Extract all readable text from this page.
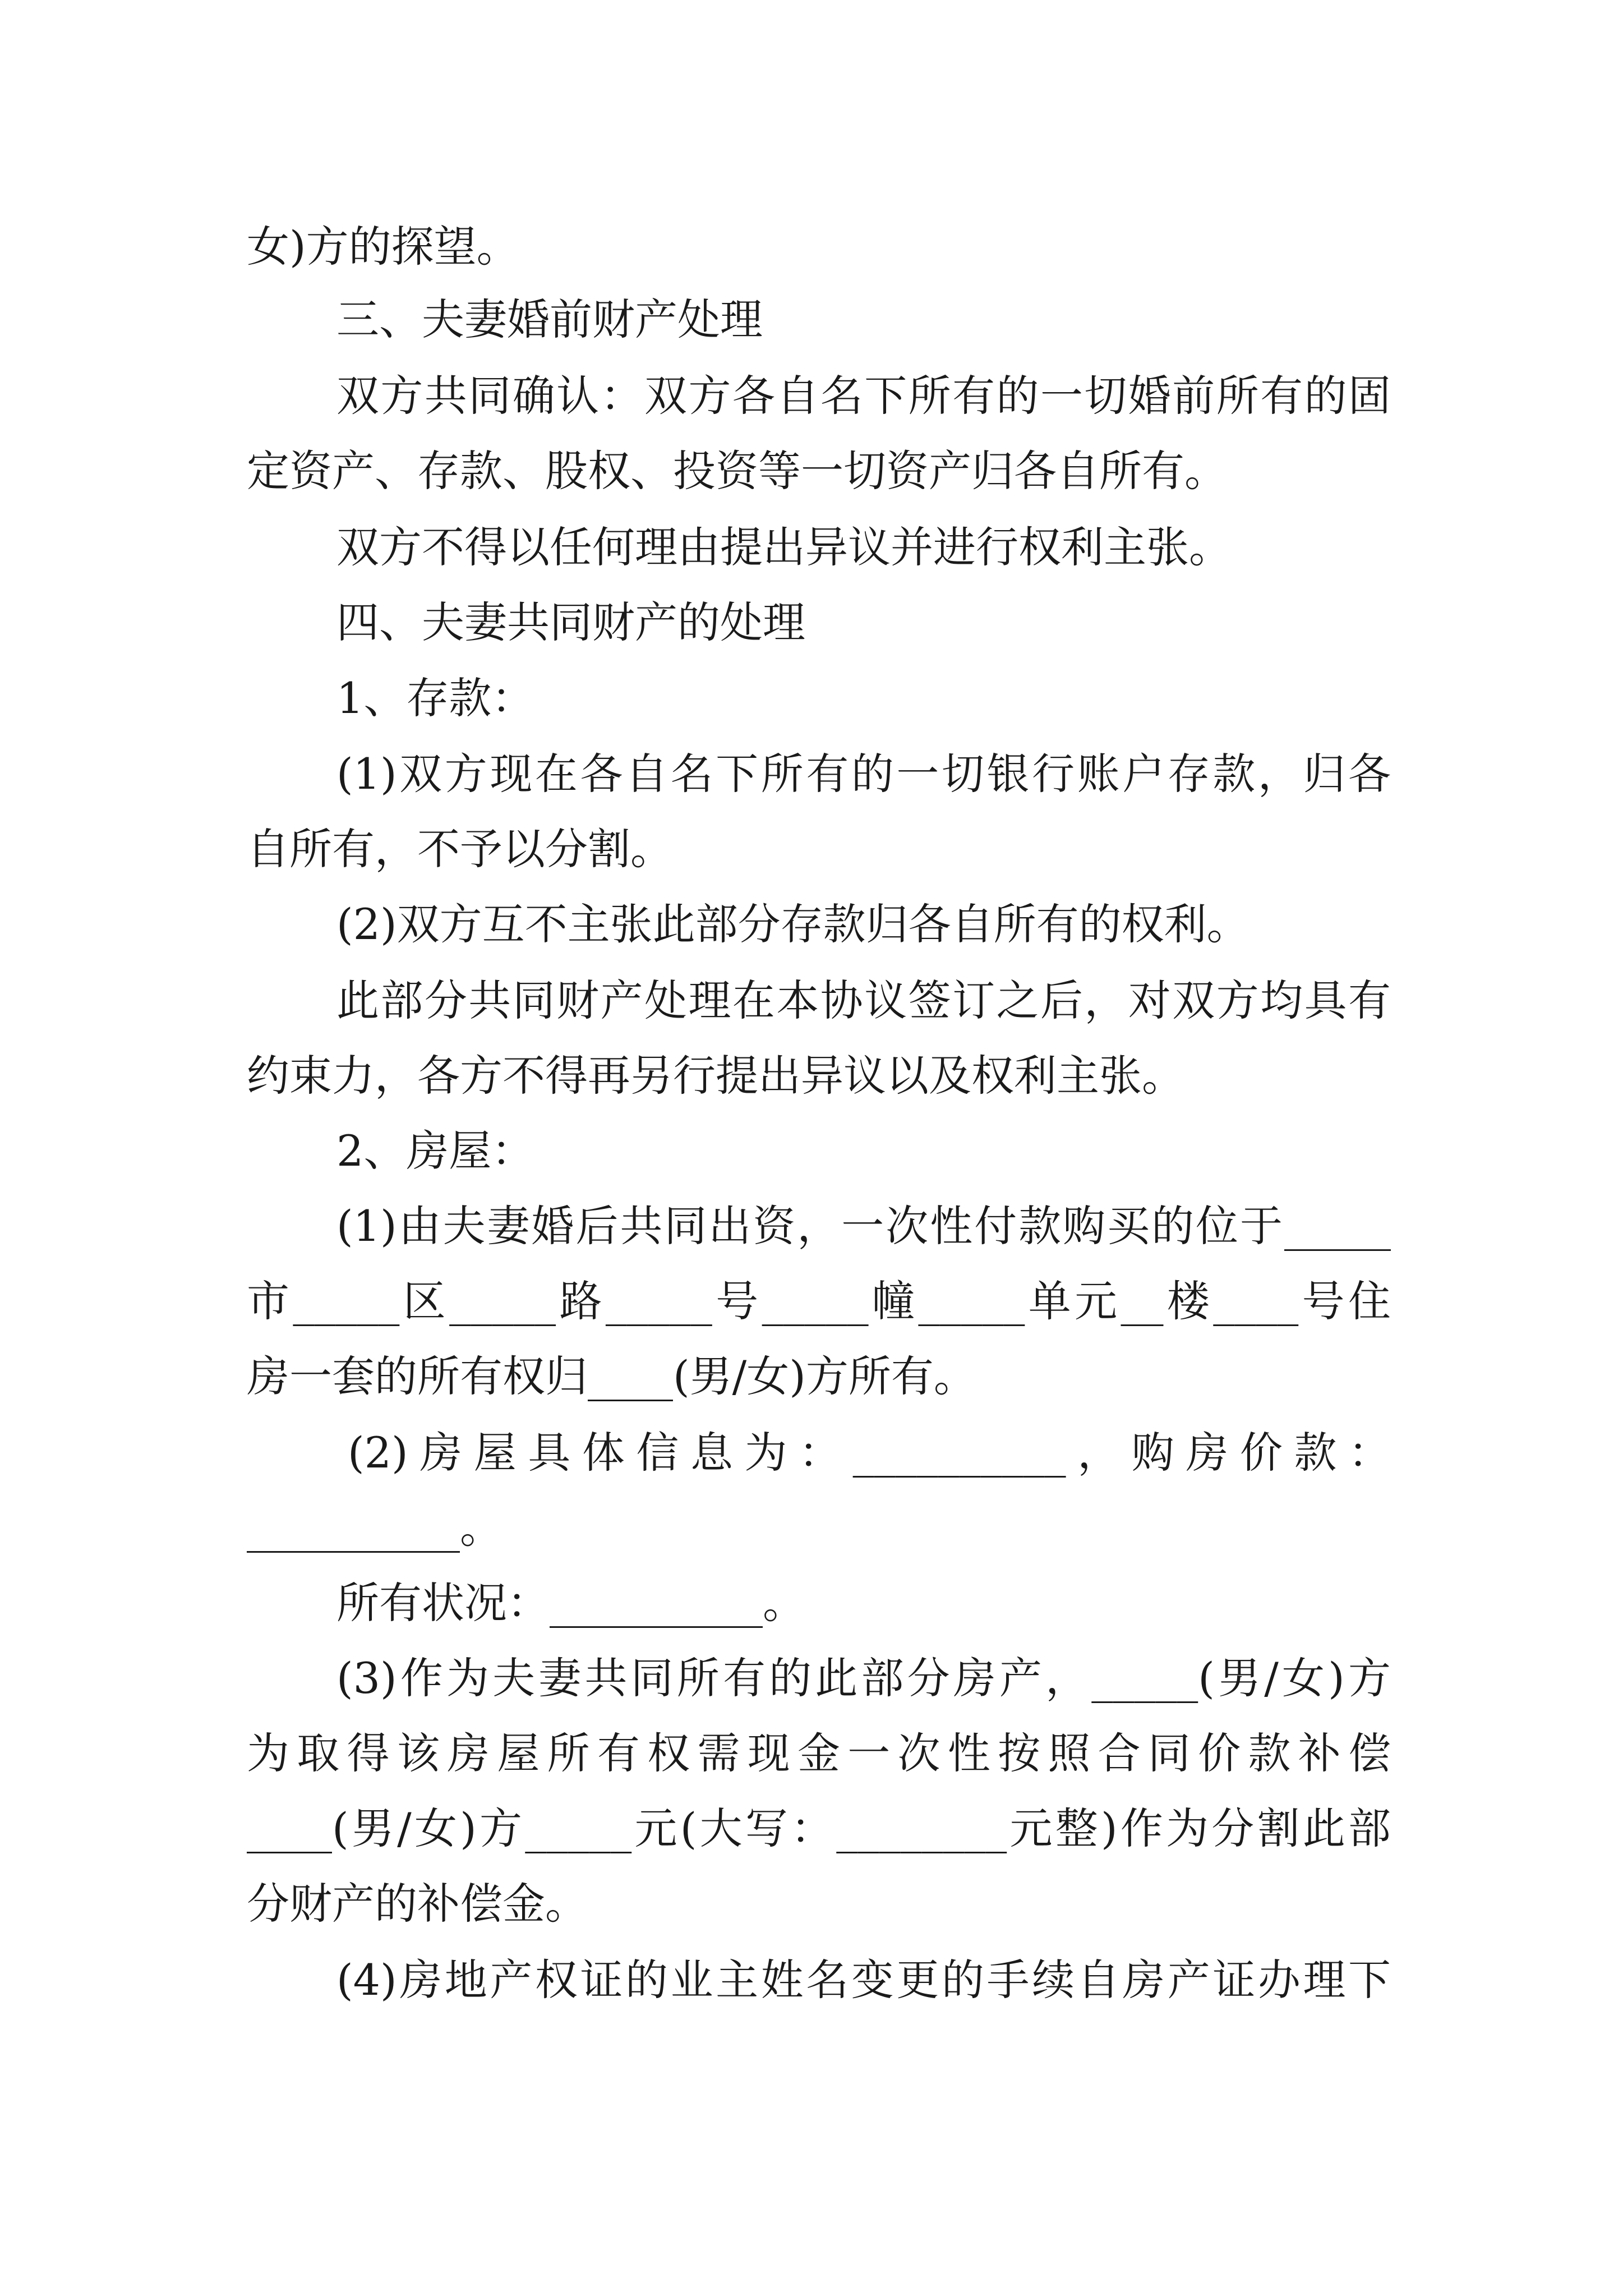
女)方的探望。
三、夫妻婚前财产处理
双方共同确认：双方各自名下所有的一切婚前所有的固
定资产、存款、股权、投资等一切资产归各自所有。
双方不得以任何理由提出异议并进行权利主张。
四、夫妻共同财产的处理
1、存款：
(1)双方现在各自名下所有的一切银行账户存款，归各
自所有，不予以分割。
(2)双方互不主张此部分存款归各自所有的权利。
此部分共同财产处理在本协议签订之后，对双方均具有
约束力，各方不得再另行提出异议以及权利主张。
2、房屋：
(1)由夫妻婚后共同出资，一次性付款购买的位于_____
市_____区_____路_____号_____幢_____单元__楼____号住
房一套的所有权归____(男/女)方所有。
(2)房屋具体信息为：__________，购房价款：
__________。
所有状况：__________。
(3)作为夫妻共同所有的此部分房产，_____(男/女)方
为取得该房屋所有权需现金一次性按照合同价款补偿
____(男/女)方_____元(大写：________元整)作为分割此部
分财产的补偿金。
(4)房地产权证的业主姓名变更的手续自房产证办理下
